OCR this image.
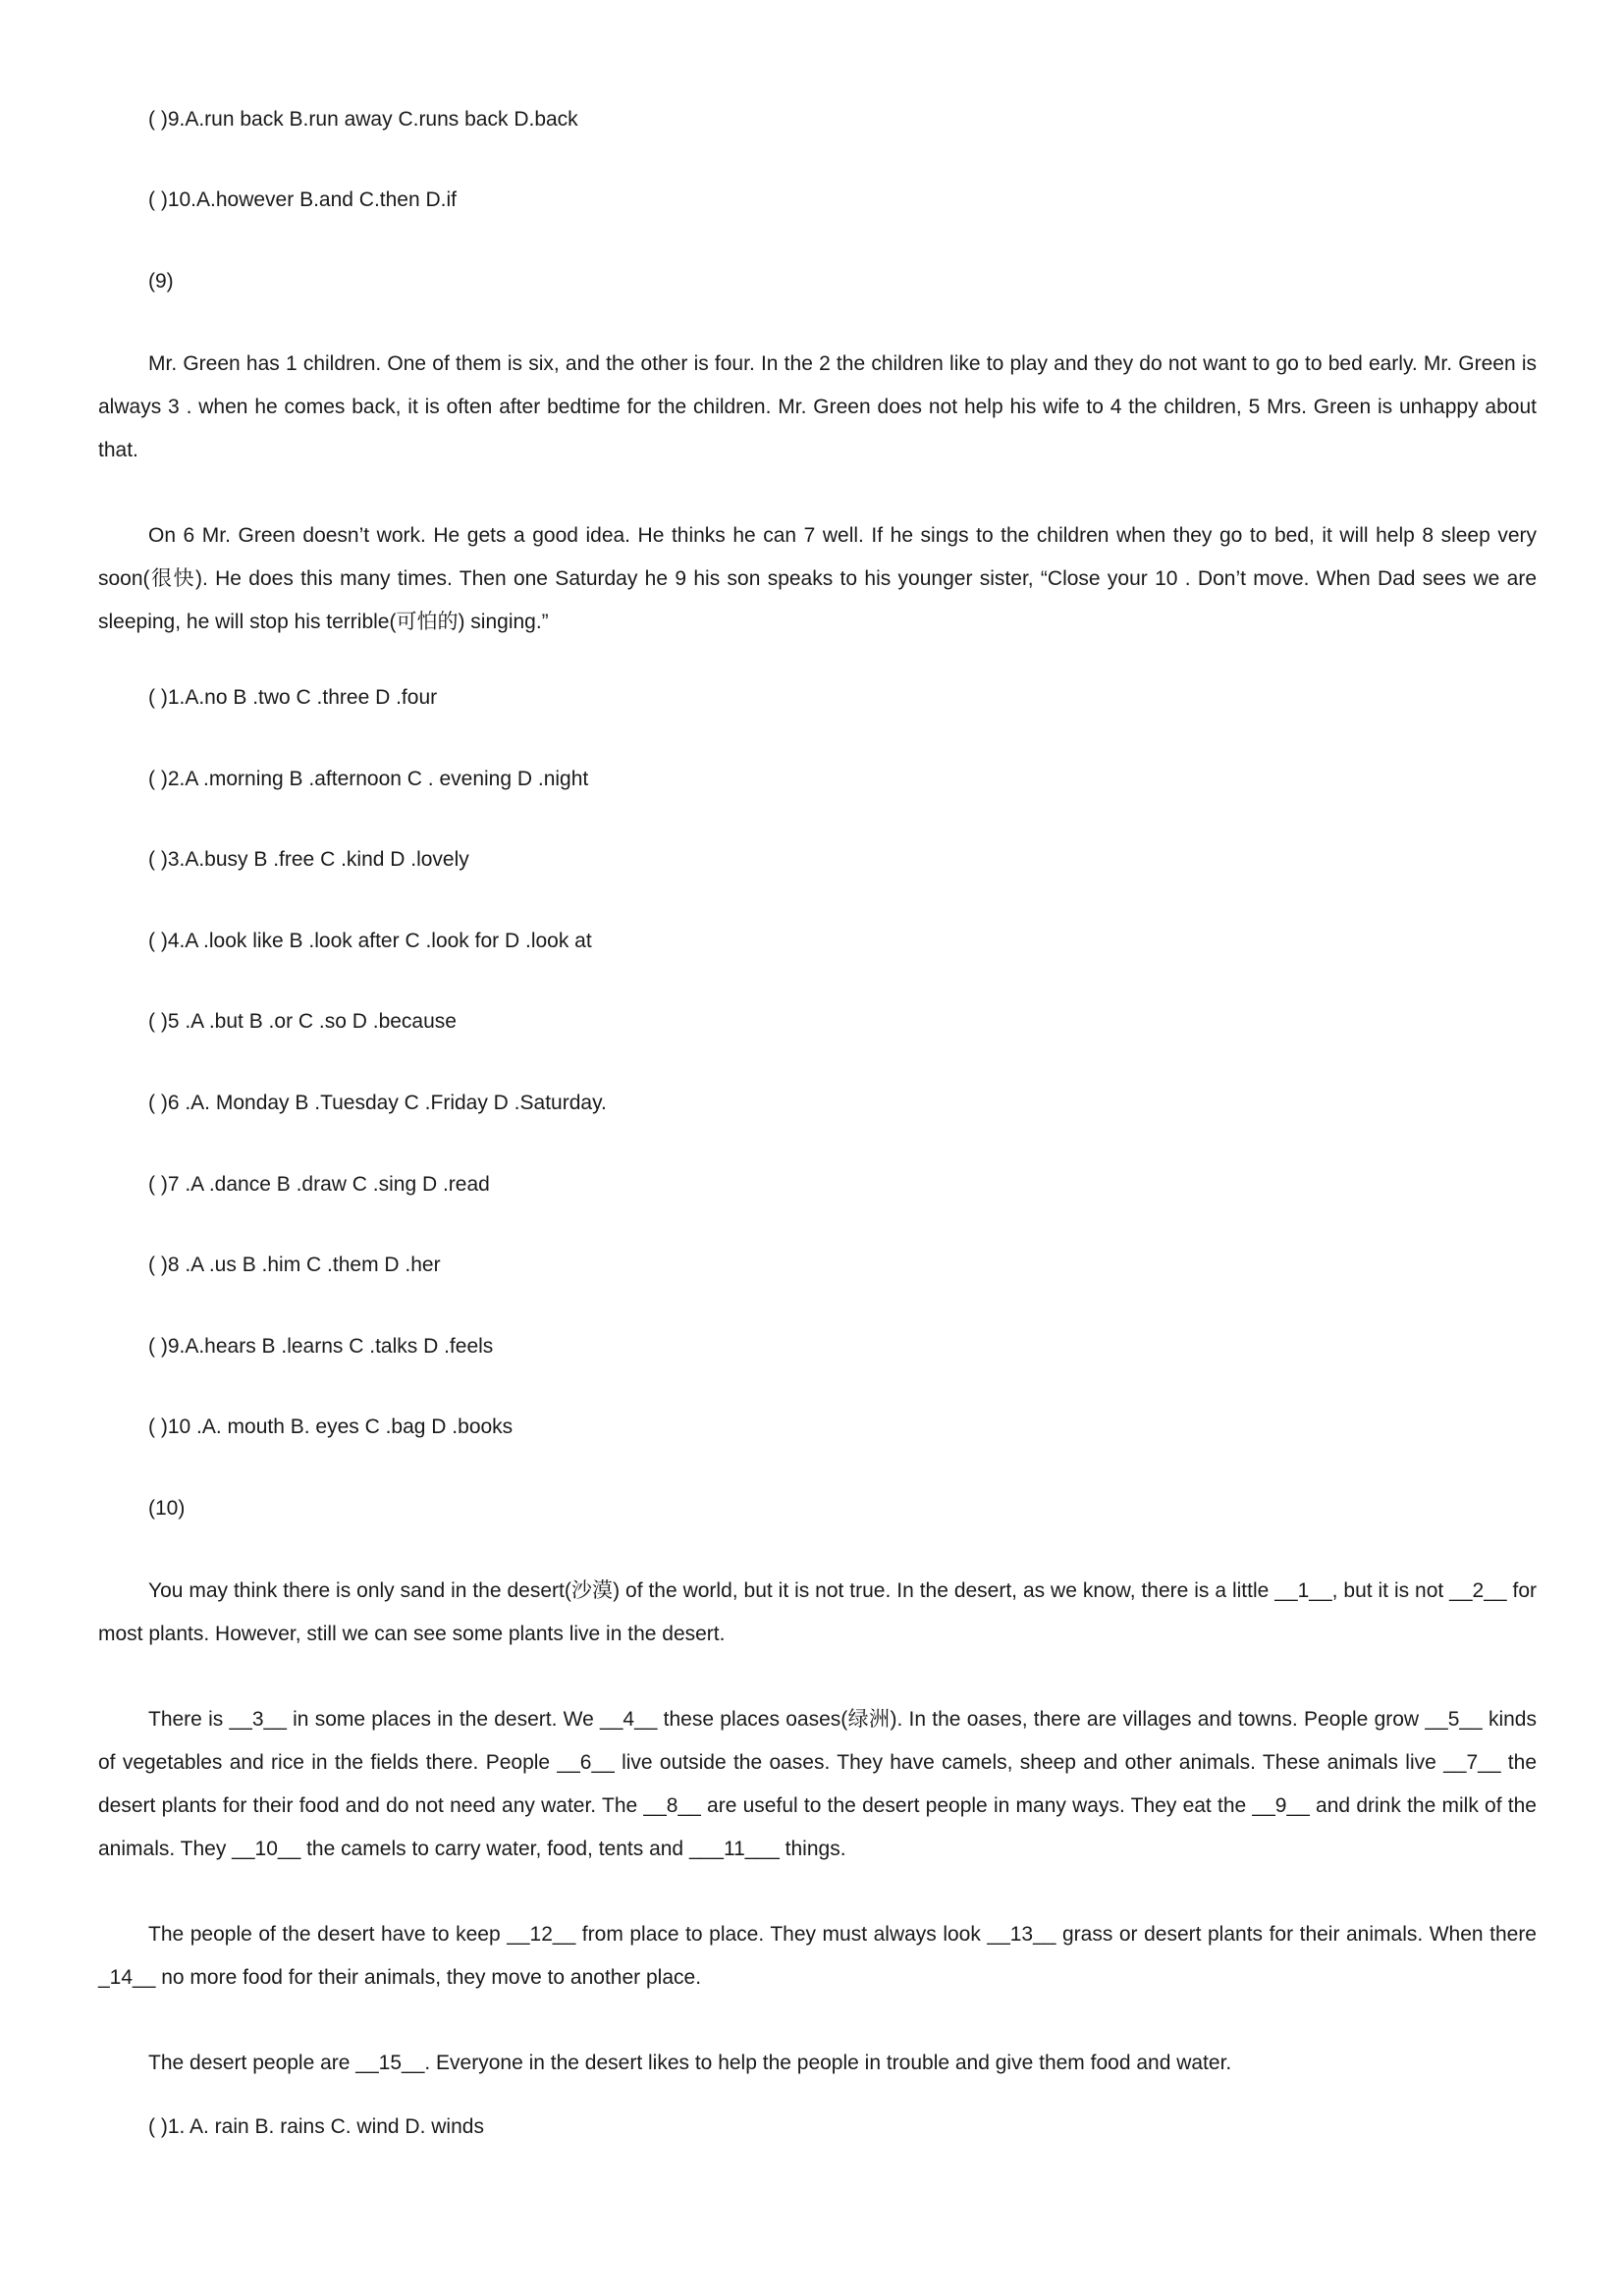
( )9.A.run back B.run away C.runs back D.back
( )10.A.however B.and C.then D.if
(9)
Mr. Green has 1 children. One of them is six, and the other is four. In the 2 the children like to play and they do not want to go to bed early. Mr. Green is always 3 . when he comes back, it is often after bedtime for the children. Mr. Green does not help his wife to 4 the children, 5 Mrs. Green is unhappy about that.
On 6 Mr. Green doesn’t work. He gets a good idea. He thinks he can 7 well. If he sings to the children when they go to bed, it will help 8 sleep very soon(很快). He does this many times. Then one Saturday he 9 his son speaks to his younger sister, “Close your 10 . Don’t move. When Dad sees we are sleeping, he will stop his terrible(可怕的) singing.”
( )1.A.no B .two C .three D .four
( )2.A .morning B .afternoon C . evening D .night
( )3.A.busy B .free C .kind D .lovely
( )4.A .look like B .look after C .look for D .look at
( )5 .A .but B .or C .so D .because
( )6 .A. Monday B .Tuesday C .Friday D .Saturday.
( )7 .A .dance B .draw C .sing D .read
( )8 .A .us B .him C .them D .her
( )9.A.hears B .learns C .talks D .feels
( )10 .A. mouth B. eyes C .bag D .books
(10)
You may think there is only sand in the desert(沙漠) of the world, but it is not true. In the desert, as we know, there is a little __1__, but it is not __2__ for most plants. However, still we can see some plants live in the desert.
There is __3__ in some places in the desert. We __4__ these places oases(绿洲). In the oases, there are villages and towns. People grow __5__ kinds of vegetables and rice in the fields there. People __6__ live outside the oases. They have camels, sheep and other animals. These animals live __7__ the desert plants for their food and do not need any water. The __8__ are useful to the desert people in many ways. They eat the __9__ and drink the milk of the animals. They __10__ the camels to carry water, food, tents and ___11___ things.
The people of the desert have to keep __12__ from place to place. They must always look __13__ grass or desert plants for their animals. When there _14__ no more food for their animals, they move to another place.
The desert people are __15__. Everyone in the desert likes to help the people in trouble and give them food and water.
( )1. A. rain B. rains C. wind D. winds
